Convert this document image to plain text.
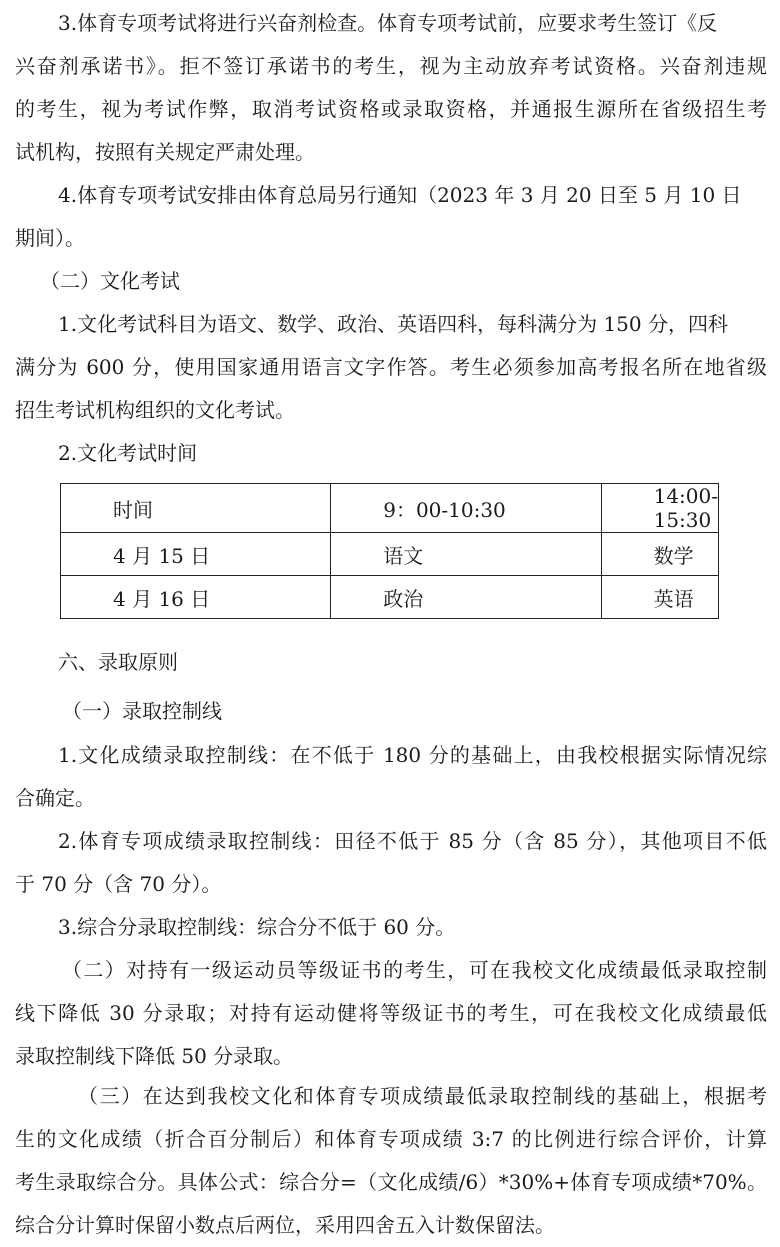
3.体育专项考试将进行兴奋剂检查。体育专项考试前，应要求考生签订《反
兴奋剂承诺书》。拒不签订承诺书的考生，视为主动放弃考试资格。兴奋剂违规
的考生，视为考试作弊，取消考试资格或录取资格，并通报生源所在省级招生考
试机构，按照有关规定严肃处理。
4.体育专项考试安排由体育总局另行通知（2023 年 3 月 20 日至 5 月 10 日
期间）。
（二）文化考试
1.文化考试科目为语文、数学、政治、英语四科，每科满分为 150 分，四科
满分为 600 分，使用国家通用语言文字作答。考生必须参加高考报名所在地省级
招生考试机构组织的文化考试。
2.文化考试时间
时间	9：00-10:30	14:00-15:30
4 月 15 日	语文	数学
4 月 16 日	政治	英语
六、录取原则
（一）录取控制线
1.文化成绩录取控制线：在不低于 180 分的基础上，由我校根据实际情况综
合确定。
2.体育专项成绩录取控制线：田径不低于 85 分（含 85 分），其他项目不低
于 70 分（含 70 分）。
3.综合分录取控制线：综合分不低于 60 分。
（二）对持有一级运动员等级证书的考生，可在我校文化成绩最低录取控制
线下降低 30 分录取；对持有运动健将等级证书的考生，可在我校文化成绩最低
录取控制线下降低 50 分录取。
（三）在达到我校文化和体育专项成绩最低录取控制线的基础上，根据考
生的文化成绩（折合百分制后）和体育专项成绩 3:7 的比例进行综合评价，计算
考生录取综合分。具体公式：综合分=（文化成绩/6）*30%+体育专项成绩*70%。
综合分计算时保留小数点后两位，采用四舍五入计数保留法。
